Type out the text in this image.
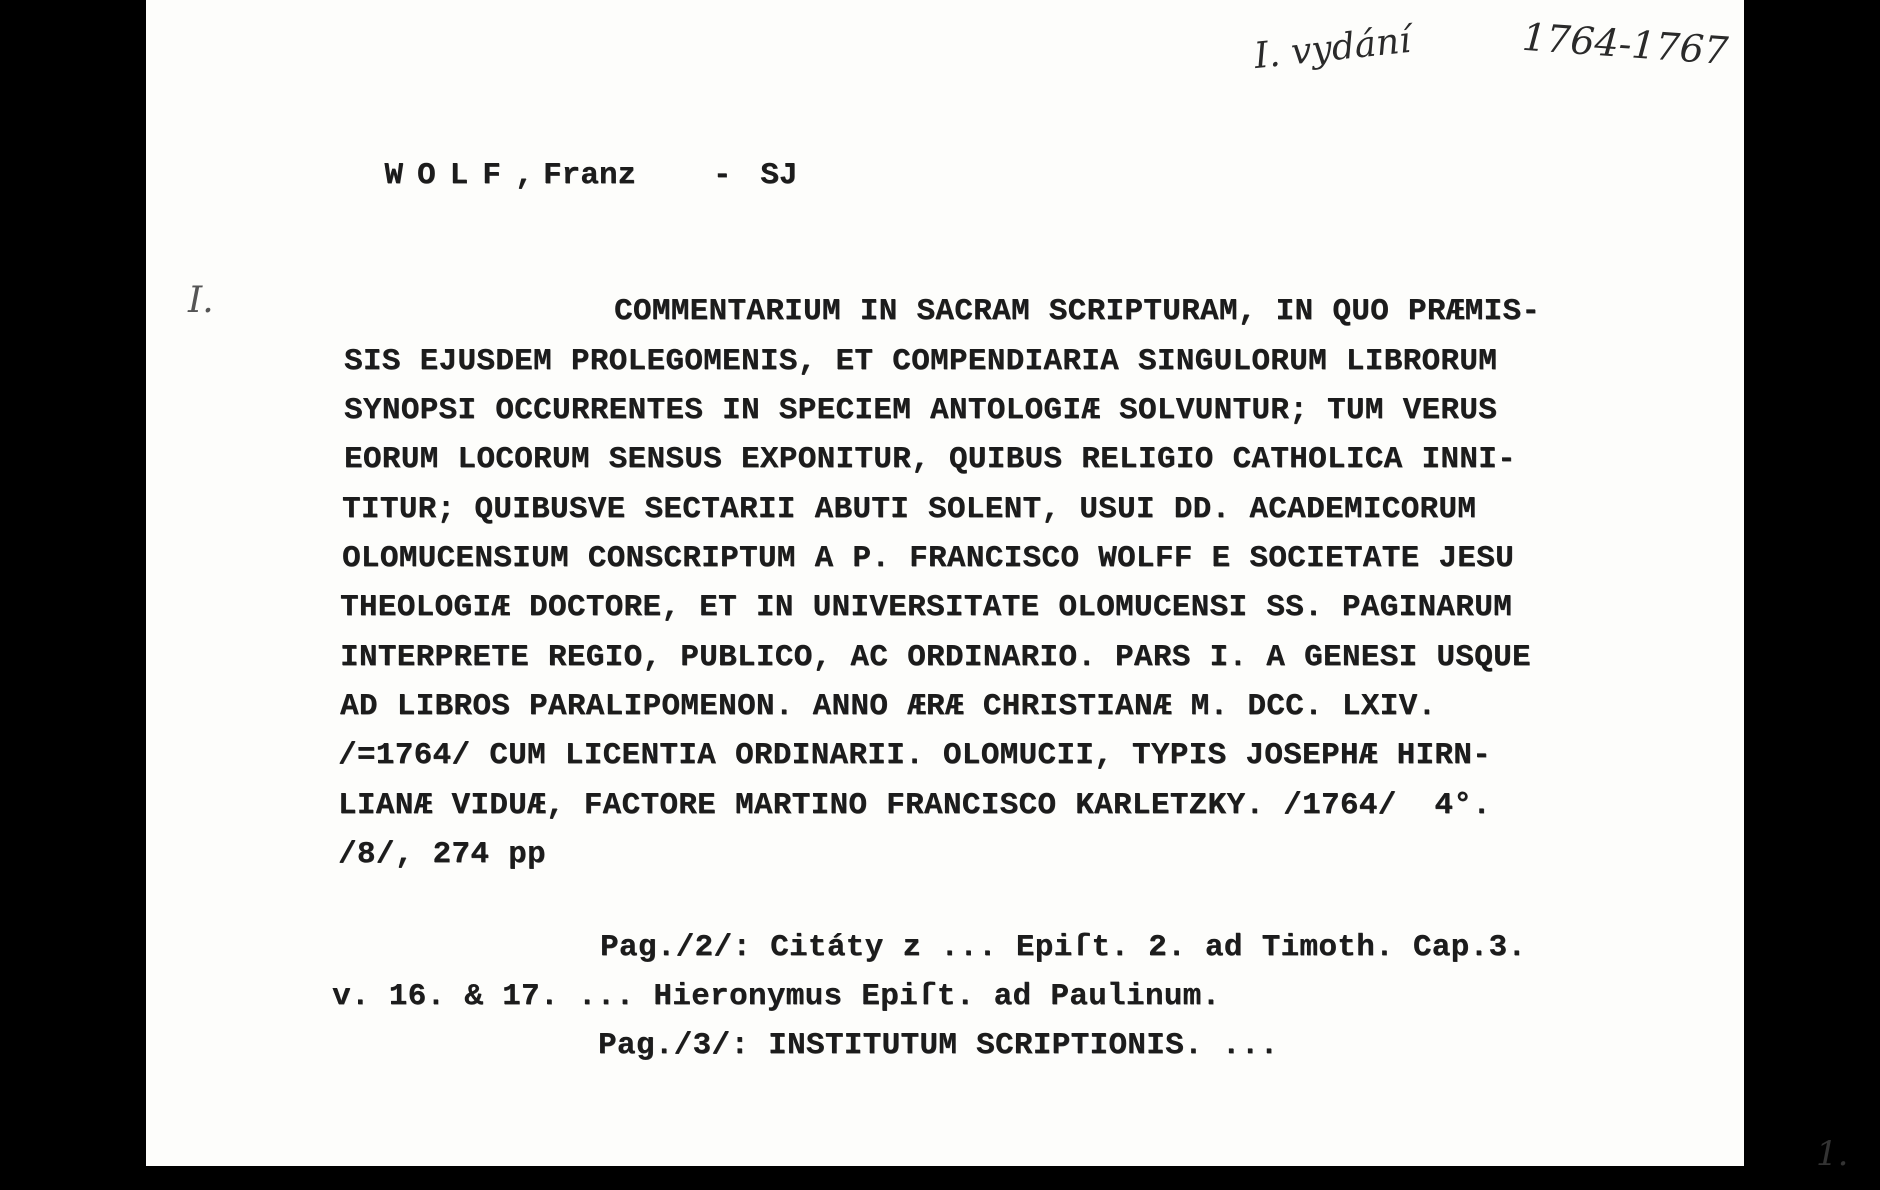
I. vydání	1764-1767
I.

WOLF, Franz - SJ

COMMENTARIUM IN SACRAM SCRIPTURAM, IN QUO PRÆMIS-
SIS EJUSDEM PROLEGOMENIS, ET COMPENDIARIA SINGULORUM LIBRORUM
SYNOPSI OCCURRENTES IN SPECIEM ANTOLOGIÆ SOLVUNTUR; TUM VERUS
EORUM LOCORUM SENSUS EXPONITUR, QUIBUS RELIGIO CATHOLICA INNI-
TITUR; QUIBUSVE SECTARII ABUTI SOLENT, USUI DD. ACADEMICORUM
OLOMUCENSIUM CONSCRIPTUM A P. FRANCISCO WOLFF E SOCIETATE JESU
THEOLOGIÆ DOCTORE, ET IN UNIVERSITATE OLOMUCENSI SS. PAGINARUM
INTERPRETE REGIO, PUBLICO, AC ORDINARIO. PARS I. A GENESI USQUE
AD LIBROS PARALIPOMENON. ANNO ÆRÆ CHRISTIANÆ M. DCC. LXIV.
/=1764/ CUM LICENTIA ORDINARII. OLOMUCII, TYPIS JOSEPHÆ HIRN-
LIANÆ VIDUÆ, FACTORE MARTINO FRANCISCO KARLETZKY. /1764/  4°.
/8/, 274 pp
Pag./2/: Citáty z ... Epiſt. 2. ad Timoth. Cap.3.
v. 16. & 17. ... Hieronymus Epiſt. ad Paulinum.
Pag./3/: INSTITUTUM SCRIPTIONIS. ...
1.
